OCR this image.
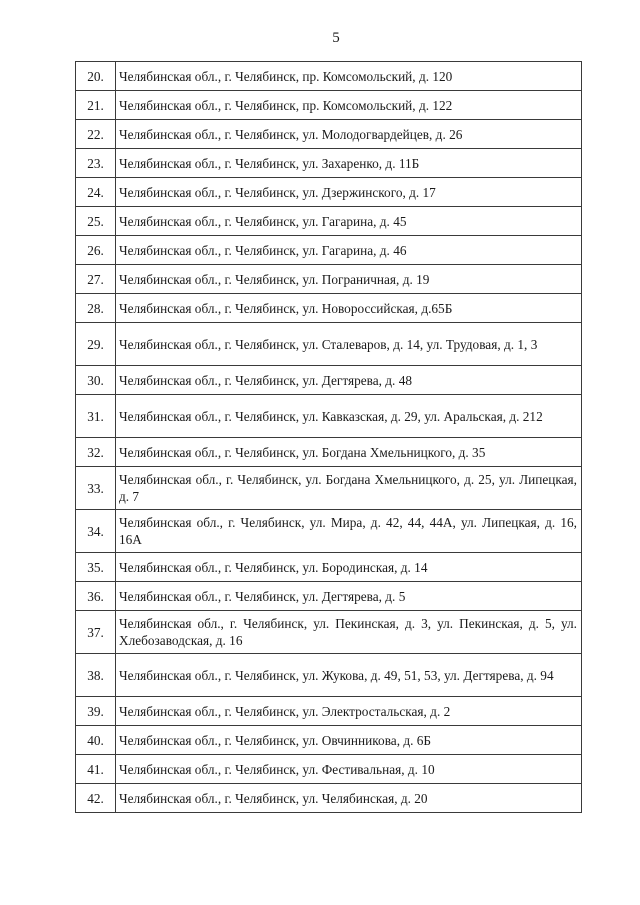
5
20.	Челябинская обл., г. Челябинск, пр. Комсомольский, д. 120
21.	Челябинская обл., г. Челябинск, пр. Комсомольский, д. 122
22.	Челябинская обл., г. Челябинск, ул. Молодогвардейцев, д. 26
23.	Челябинская обл., г. Челябинск, ул. Захаренко, д. 11Б
24.	Челябинская обл., г. Челябинск, ул. Дзержинского, д. 17
25.	Челябинская обл., г. Челябинск, ул. Гагарина, д. 45
26.	Челябинская обл., г. Челябинск, ул. Гагарина, д. 46
27.	Челябинская обл., г. Челябинск, ул. Пограничная, д. 19
28.	Челябинская обл., г. Челябинск, ул. Новороссийская, д.65Б
29.	Челябинская обл., г. Челябинск, ул. Сталеваров, д. 14, ул. Трудовая, д. 1, 3
30.	Челябинская обл., г. Челябинск, ул. Дегтярева, д. 48
31.	Челябинская обл., г. Челябинск, ул. Кавказская, д. 29, ул. Аральская, д. 212
32.	Челябинская обл., г. Челябинск, ул. Богдана Хмельницкого, д. 35
33.	Челябинская обл., г. Челябинск, ул. Богдана Хмельницкого, д. 25, ул. Липецкая, д. 7
34.	Челябинская обл., г. Челябинск, ул. Мира, д. 42, 44, 44А, ул. Липецкая, д. 16, 16А
35.	Челябинская обл., г. Челябинск, ул. Бородинская, д. 14
36.	Челябинская обл., г. Челябинск, ул. Дегтярева, д. 5
37.	Челябинская обл., г. Челябинск, ул. Пекинская, д. 3, ул. Пекинская, д. 5, ул. Хлебозаводская, д. 16
38.	Челябинская обл., г. Челябинск, ул. Жукова, д. 49, 51, 53, ул. Дегтярева, д. 94
39.	Челябинская обл., г. Челябинск, ул. Электростальская, д. 2
40.	Челябинская обл., г. Челябинск, ул. Овчинникова, д. 6Б
41.	Челябинская обл., г. Челябинск, ул. Фестивальная, д. 10
42.	Челябинская обл., г. Челябинск, ул. Челябинская, д. 20
